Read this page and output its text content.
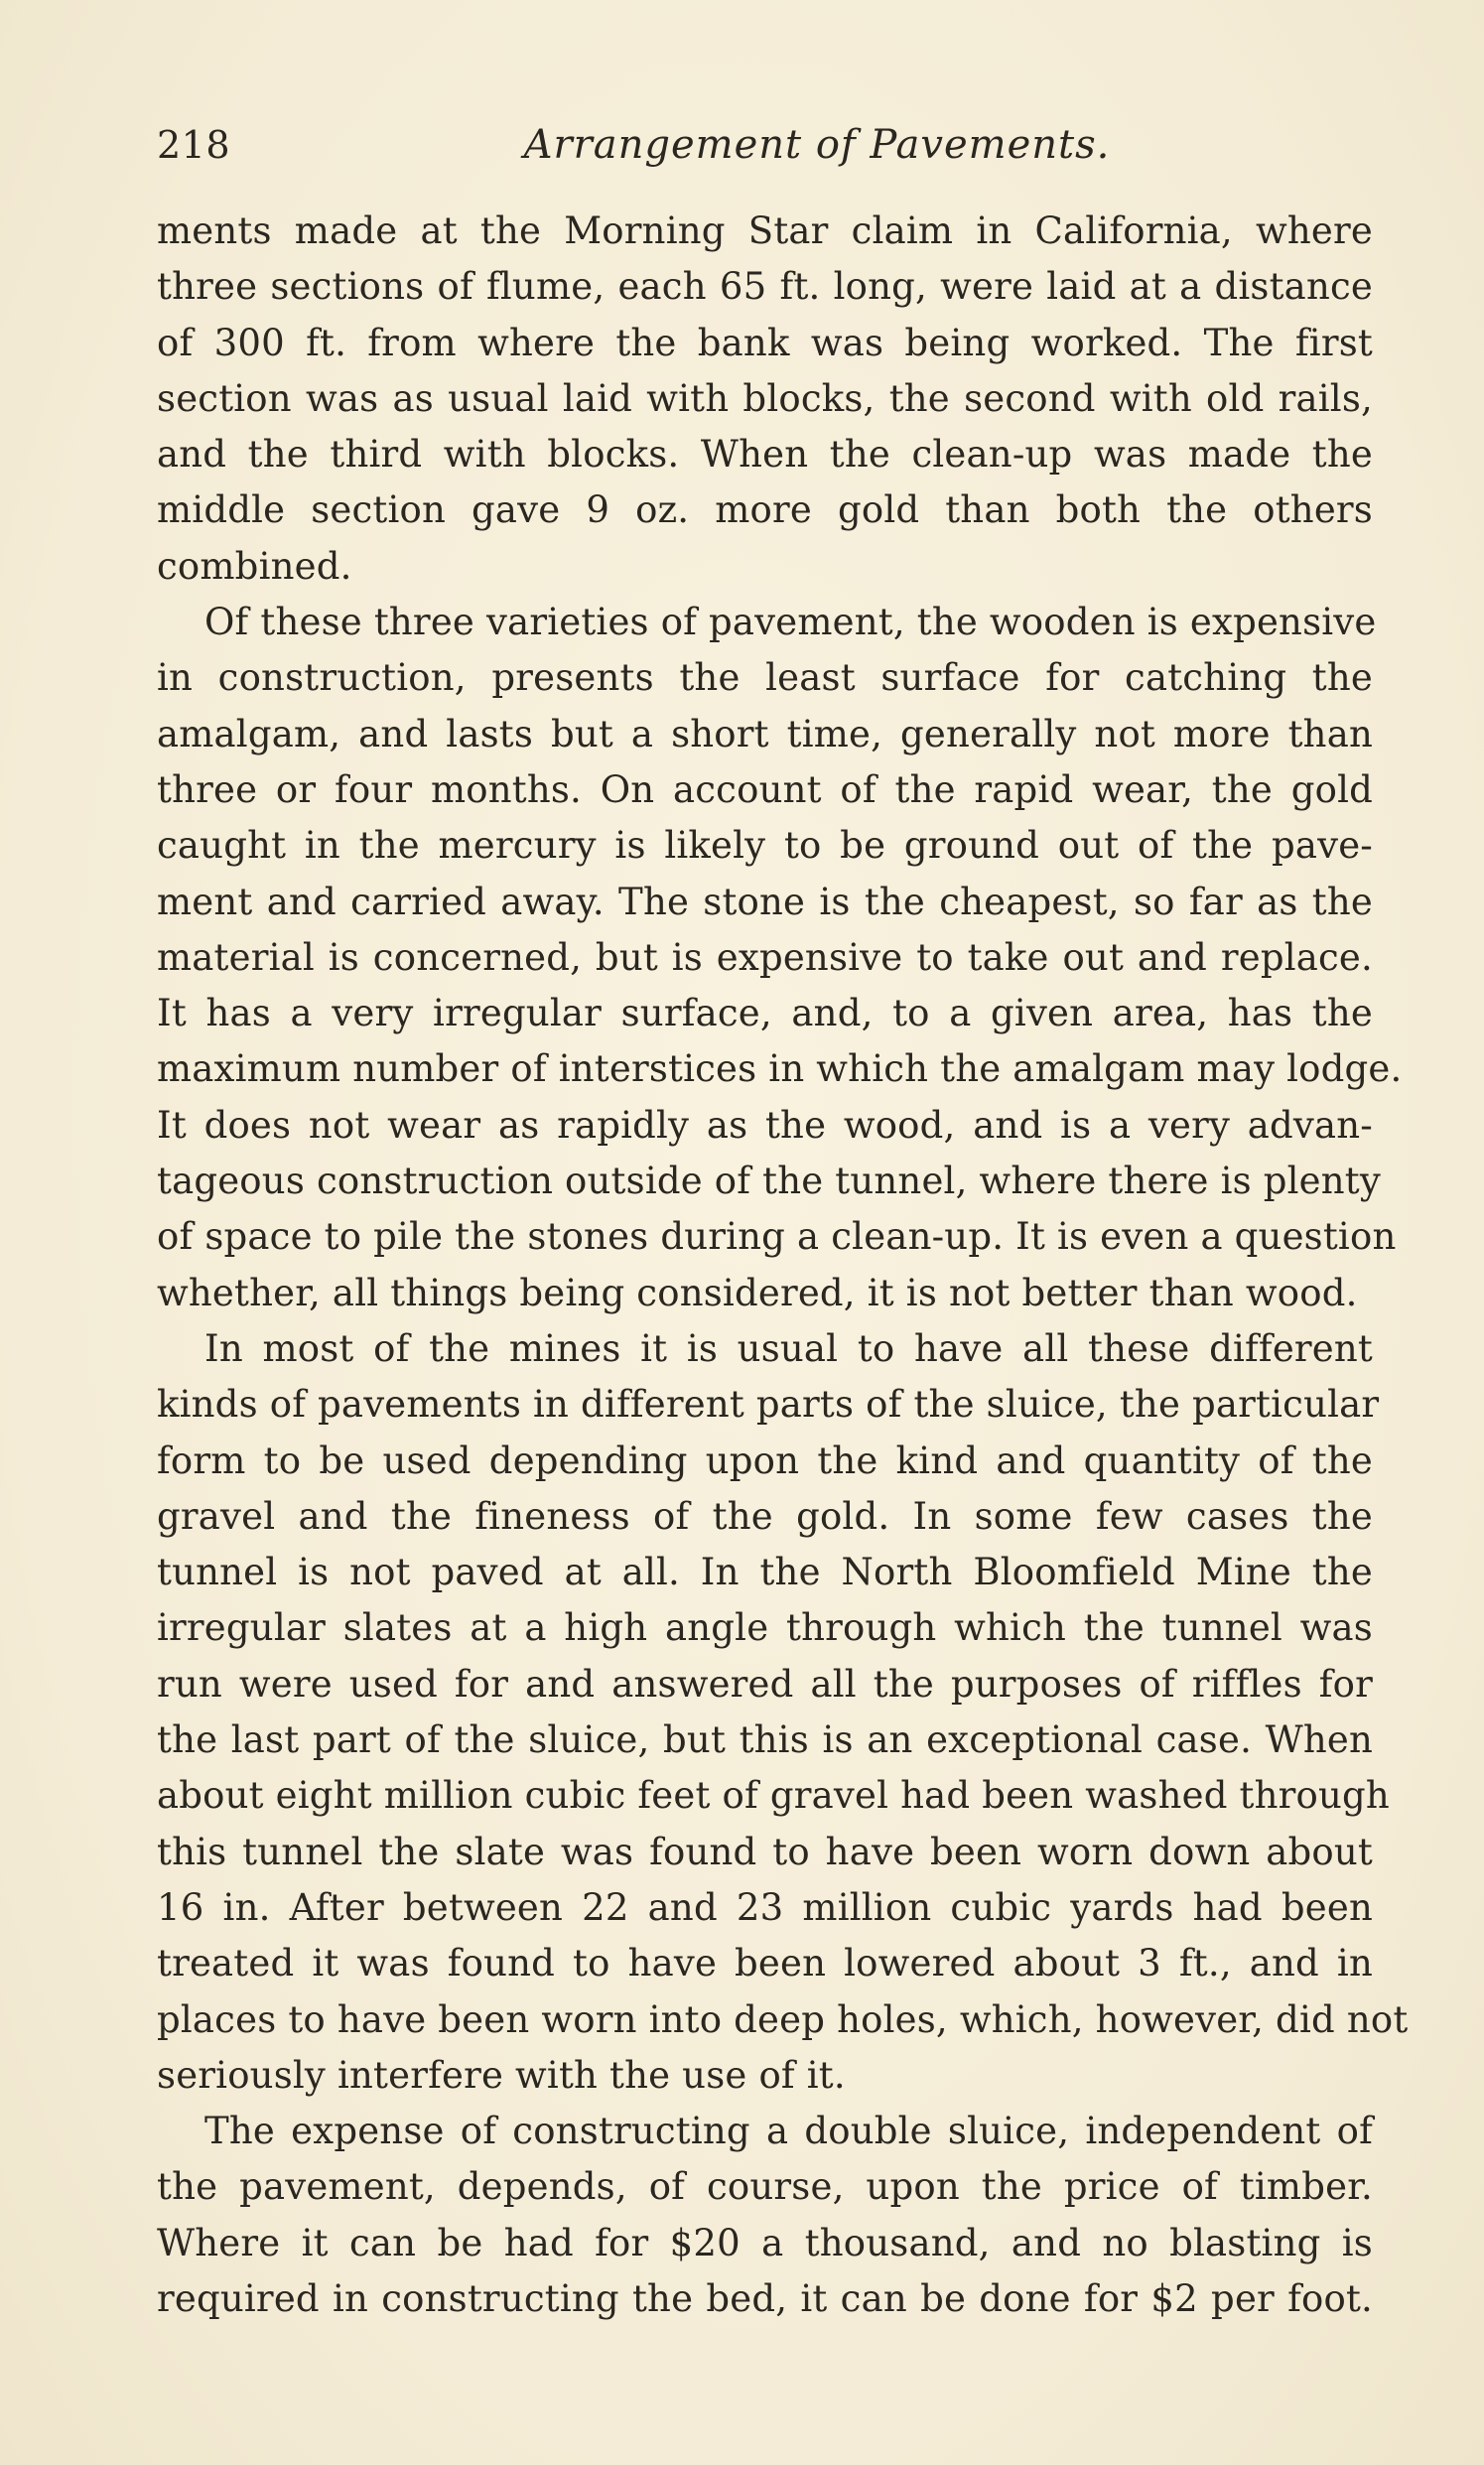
218	Arrangement of Pavements.
ments made at the Morning Star claim in California, where
three sections of flume, each 65 ft. long, were laid at a distance
of 300 ft. from where the bank was being worked. The first
section was as usual laid with blocks, the second with old rails,
and the third with blocks. When the clean-up was made the
middle section gave 9 oz. more gold than both the others
combined.
Of these three varieties of pavement, the wooden is expensive
in construction, presents the least surface for catching the
amalgam, and lasts but a short time, generally not more than
three or four months. On account of the rapid wear, the gold
caught in the mercury is likely to be ground out of the pave-
ment and carried away. The stone is the cheapest, so far as the
material is concerned, but is expensive to take out and replace.
It has a very irregular surface, and, to a given area, has the
maximum number of interstices in which the amalgam may lodge.
It does not wear as rapidly as the wood, and is a very advan-
tageous construction outside of the tunnel, where there is plenty
of space to pile the stones during a clean-up. It is even a question
whether, all things being considered, it is not better than wood.
In most of the mines it is usual to have all these different
kinds of pavements in different parts of the sluice, the particular
form to be used depending upon the kind and quantity of the
gravel and the fineness of the gold. In some few cases the
tunnel is not paved at all. In the North Bloomfield Mine the
irregular slates at a high angle through which the tunnel was
run were used for and answered all the purposes of riffles for
the last part of the sluice, but this is an exceptional case. When
about eight million cubic feet of gravel had been washed through
this tunnel the slate was found to have been worn down about
16 in. After between 22 and 23 million cubic yards had been
treated it was found to have been lowered about 3 ft., and in
places to have been worn into deep holes, which, however, did not
seriously interfere with the use of it.
The expense of constructing a double sluice, independent of
the pavement, depends, of course, upon the price of timber.
Where it can be had for $20 a thousand, and no blasting is
required in constructing the bed, it can be done for $2 per foot.
